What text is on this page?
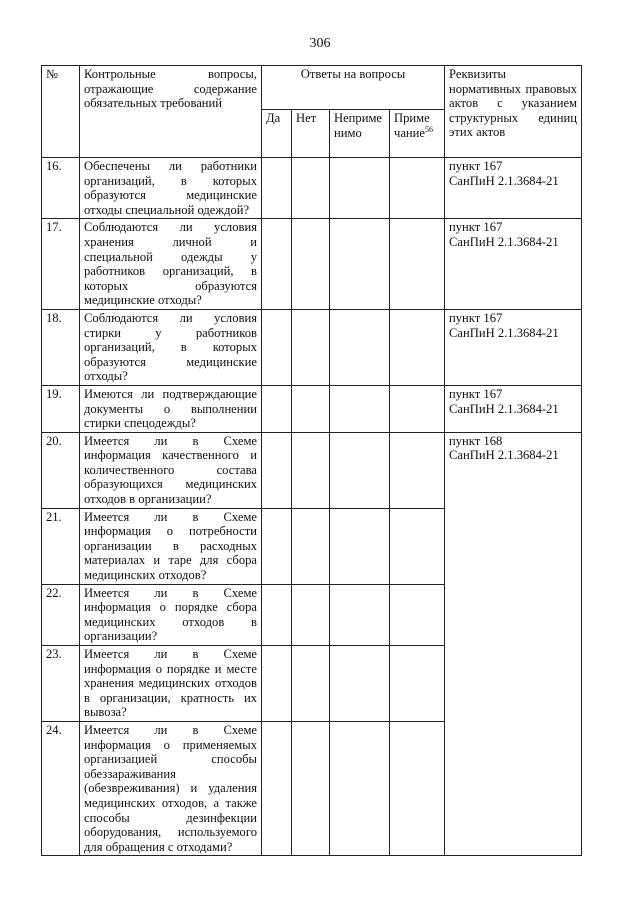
306
№	Контрольные вопросы, отражающие содержание обязательных требований	Ответы на вопросы				Реквизиты нормативных правовых актов с указанием структурных единиц этих актов
		Да	Нет	Неприме нимо	Приме чание$^{56}$
16.	Обеспечены ли работники организаций, в которых образуются медицинские отходы специальной одеждой?					пункт 167
СанПиН 2.1.3684-21

17.	Соблюдаются ли условия хранения личной и специальной одежды у работников организаций, в которых образуются медицинские отходы?					пункт 167
СанПиН 2.1.3684-21

18.	Соблюдаются ли условия стирки у работников организаций, в которых образуются медицинские отходы?					пункт 167
СанПиН 2.1.3684-21

19.	Имеются ли подтверждающие документы о выполнении стирки спецодежды?					пункт 167
СанПиН 2.1.3684-21

20.	Имеется ли в Схеме информация качественного и количественного состава образующихся медицинских отходов в организации?					пункт 168
СанПиН 2.1.3684-21

21.	Имеется ли в Схеме информация о потребности организации в расходных материалах и таре для сбора медицинских отходов?					
22.	Имеется ли в Схеме информация о порядке сбора медицинских отходов в организации?					
23.	Имеется ли в Схеме информация о порядке и месте хранения медицинских отходов в организации, кратность их вывоза?					
24.	Имеется ли в Схеме информация о применяемых организацией способы обеззараживания (обезвреживания) и удаления медицинских отходов, а также способы дезинфекции оборудования, используемого для обращения с отходами?					
